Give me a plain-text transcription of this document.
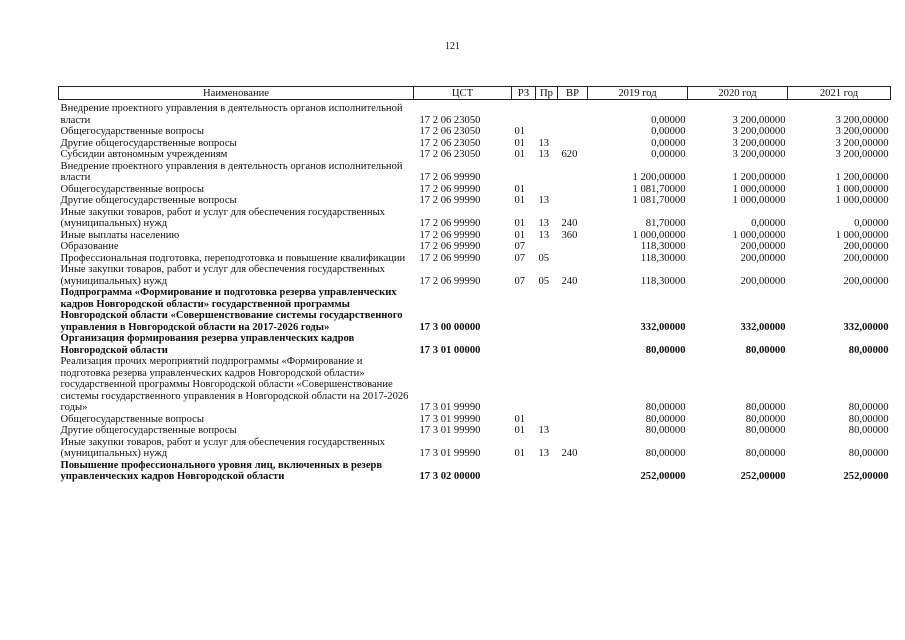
121
Наименование	ЦСТ	РЗ	Пр	ВР	2019 год	2020 год	2021 год

Внедрение проектного управления в деятельность органов исполнительной власти	17 2 06 23050				0,00000	3 200,00000	3 200,00000
Общегосударственные вопросы	17 2 06 23050	01			0,00000	3 200,00000	3 200,00000
Другие общегосударственные вопросы	17 2 06 23050	01	13		0,00000	3 200,00000	3 200,00000
Субсидии автономным учреждениям	17 2 06 23050	01	13	620	0,00000	3 200,00000	3 200,00000
Внедрение проектного управления в деятельность органов исполнительной власти	17 2 06 99990				1 200,00000	1 200,00000	1 200,00000
Общегосударственные вопросы	17 2 06 99990	01			1 081,70000	1 000,00000	1 000,00000
Другие общегосударственные вопросы	17 2 06 99990	01	13		1 081,70000	1 000,00000	1 000,00000
Иные закупки товаров, работ и услуг для обеспечения государственных (муниципальных) нужд	17 2 06 99990	01	13	240	81,70000	0,00000	0,00000
Иные выплаты населению	17 2 06 99990	01	13	360	1 000,00000	1 000,00000	1 000,00000
Образование	17 2 06 99990	07			118,30000	200,00000	200,00000
Профессиональная подготовка, переподготовка и повышение квалификации	17 2 06 99990	07	05		118,30000	200,00000	200,00000
Иные закупки товаров, работ и услуг для обеспечения государственных (муниципальных) нужд	17 2 06 99990	07	05	240	118,30000	200,00000	200,00000
Подпрограмма «Формирование и подготовка резерва управленческих кадров Новгородской области» государственной программы Новгородской области «Совершенствование системы государственного управления в Новгородской области на 2017-2026 годы»	17 3 00 00000				332,00000	332,00000	332,00000
Организация формирования резерва управленческих кадров Новгородской области	17 3 01 00000				80,00000	80,00000	80,00000
Реализация прочих мероприятий подпрограммы «Формирование и подготовка резерва управленческих кадров Новгородской области» государственной программы Новгородской области «Совершенствование системы государственного управления в Новгородской области на 2017-2026 годы»	17 3 01 99990				80,00000	80,00000	80,00000
Общегосударственные вопросы	17 3 01 99990	01			80,00000	80,00000	80,00000
Другие общегосударственные вопросы	17 3 01 99990	01	13		80,00000	80,00000	80,00000
Иные закупки товаров, работ и услуг для обеспечения государственных (муниципальных) нужд	17 3 01 99990	01	13	240	80,00000	80,00000	80,00000
Повышение профессионального уровня лиц, включенных в резерв управленческих кадров Новгородской области	17 3 02 00000				252,00000	252,00000	252,00000
